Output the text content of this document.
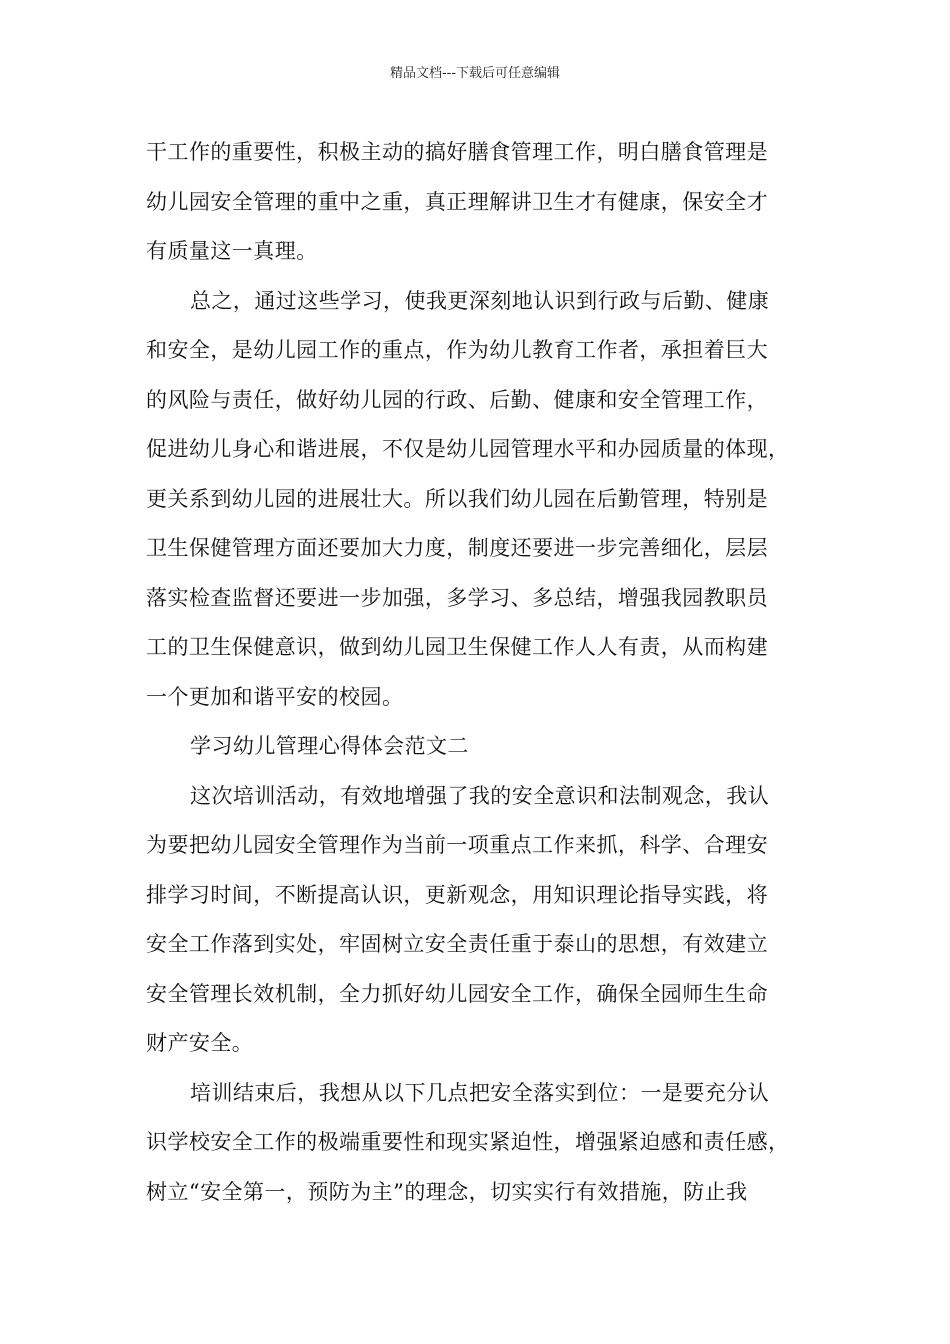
精品文档---下载后可任意编辑
干工作的重要性，积极主动的搞好膳食管理工作，明白膳食管理是
幼儿园安全管理的重中之重，真正理解讲卫生才有健康，保安全才
有质量这一真理。
总之，通过这些学习，使我更深刻地认识到行政与后勤、健康
和安全，是幼儿园工作的重点，作为幼儿教育工作者，承担着巨大
的风险与责任，做好幼儿园的行政、后勤、健康和安全管理工作，
促进幼儿身心和谐进展，不仅是幼儿园管理水平和办园质量的体现，
更关系到幼儿园的进展壮大。所以我们幼儿园在后勤管理，特别是
卫生保健管理方面还要加大力度，制度还要进一步完善细化，层层
落实检查监督还要进一步加强，多学习、多总结，增强我园教职员
工的卫生保健意识，做到幼儿园卫生保健工作人人有责，从而构建
一个更加和谐平安的校园。
学习幼儿管理心得体会范文二
这次培训活动，有效地增强了我的安全意识和法制观念，我认
为要把幼儿园安全管理作为当前一项重点工作来抓，科学、合理安
排学习时间，不断提高认识，更新观念，用知识理论指导实践，将
安全工作落到实处，牢固树立安全责任重于泰山的思想，有效建立
安全管理长效机制，全力抓好幼儿园安全工作，确保全园师生生命
财产安全。
培训结束后，我想从以下几点把安全落实到位：一是要充分认
识学校安全工作的极端重要性和现实紧迫性，增强紧迫感和责任感，
树立“安全第一，预防为主”的理念，切实实行有效措施，防止我
